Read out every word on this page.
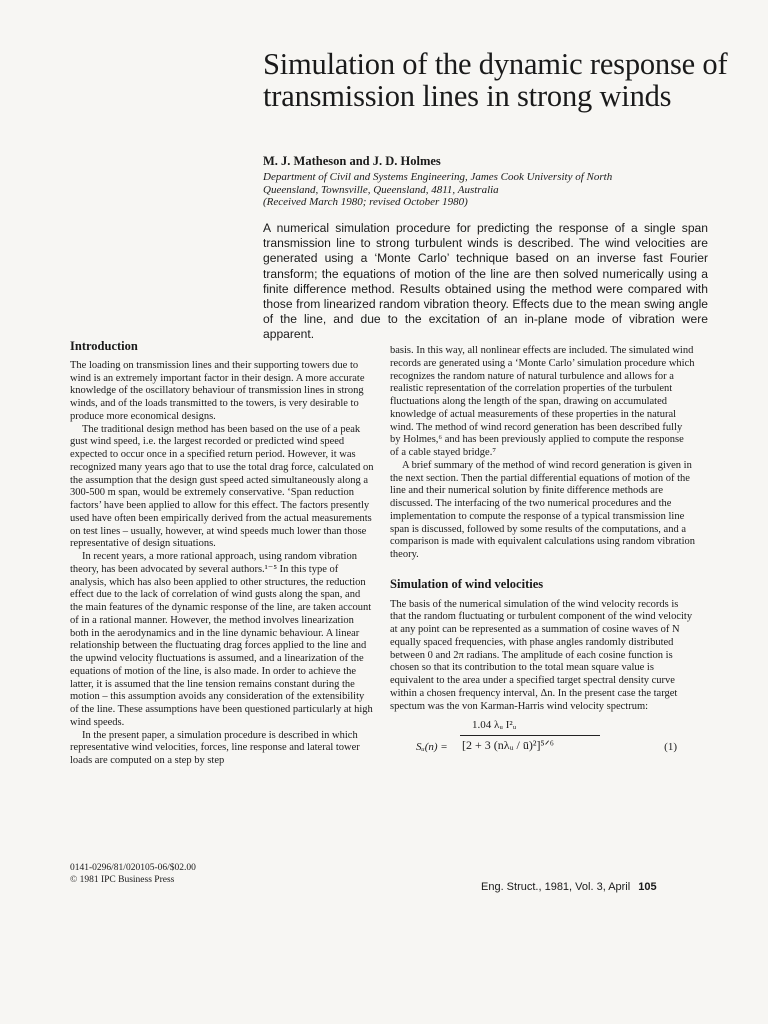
Simulation of the dynamic response of transmission lines in strong winds
M. J. Matheson and J. D. Holmes
Department of Civil and Systems Engineering, James Cook University of North
Queensland, Townsville, Queensland, 4811, Australia
(Received March 1980; revised October 1980)
A numerical simulation procedure for predicting the response of a single span transmission line to strong turbulent winds is described. The wind velocities are generated using a ‘Monte Carlo’ technique based on an inverse fast Fourier transform; the equations of motion of the line are then solved numerically using a finite difference method. Results obtained using the method were compared with those from linearized random vibration theory. Effects due to the mean swing angle of the line, and due to the excitation of an in-plane mode of vibration were apparent.
Introduction

The loading on transmission lines and their supporting towers due to wind is an extremely important factor in their design. A more accurate knowledge of the oscillatory behaviour of transmission lines in strong winds, and of the loads transmitted to the towers, is very desirable to produce more economical designs.

The traditional design method has been based on the use of a peak gust wind speed, i.e. the largest recorded or predicted wind speed expected to occur once in a specified return period. However, it was recognized many years ago that to use the total drag force, calculated on the assumption that the design gust speed acted simultaneously along a 300-500 m span, would be extremely conservative. ‘Span reduction factors’ have been applied to allow for this effect. The factors presently used have often been empirically derived from the actual measurements on test lines – usually, however, at wind speeds much lower than those representative of design situations.

In recent years, a more rational approach, using random vibration theory, has been advocated by several authors.¹⁻⁵ In this type of analysis, which has also been applied to other structures, the reduction effect due to the lack of correlation of wind gusts along the span, and the main features of the dynamic response of the line, are taken account of in a rational manner. However, the method involves linearization both in the aerodynamics and in the line dynamic behaviour. A linear relationship between the fluctuating drag forces applied to the line and the upwind velocity fluctuations is assumed, and a linearization of the equations of motion of the line, is also made. In order to achieve the latter, it is assumed that the line tension remains constant during the motion – this assumption avoids any consideration of the extensibility of the line. These assumptions have been questioned particularly at high wind speeds.

In the present paper, a simulation procedure is described in which representative wind velocities, forces, line response and lateral tower loads are computed on a step by step

basis. In this way, all nonlinear effects are included. The simulated wind records are generated using a ‘Monte Carlo’ simulation procedure which recognizes the random nature of natural turbulence and allows for a realistic representation of the correlation properties of the turbulent fluctuations along the length of the span, drawing on accumulated knowledge of actual measurements of these properties in the natural wind. The method of wind record generation has been described fully by Holmes,⁶ and has been previously applied to compute the response of a cable stayed bridge.⁷

A brief summary of the method of wind record generation is given in the next section. Then the partial differential equations of motion of the line and their numerical solution by finite difference methods are discussed. The interfacing of the two numerical procedures and the implementation to compute the response of a typical transmission line span is discussed, followed by some results of the computations, and a comparison is made with equivalent calculations using random vibration theory.

Simulation of wind velocities

The basis of the numerical simulation of the wind velocity records is that the random fluctuating or turbulent component of the wind velocity at any point can be represented as a summation of cosine waves of N equally spaced frequencies, with phase angles randomly distributed between 0 and 2π radians. The amplitude of each cosine function is chosen so that its contribution to the total mean square value is equivalent to the area under a specified target spectral density curve within a chosen frequency interval, Δn. In the present case the target spectum was the von Karman-Harris wind velocity spectrum:

Sᵤ(n) =
1.04 λᵤ I²ᵤ
[2 + 3 (nλᵤ / ū)²]⁵ᐟ⁶	(1)
0141-0296/81/020105-06/$02.00
© 1981 IPC Business Press
Eng. Struct., 1981, Vol. 3, April 105
